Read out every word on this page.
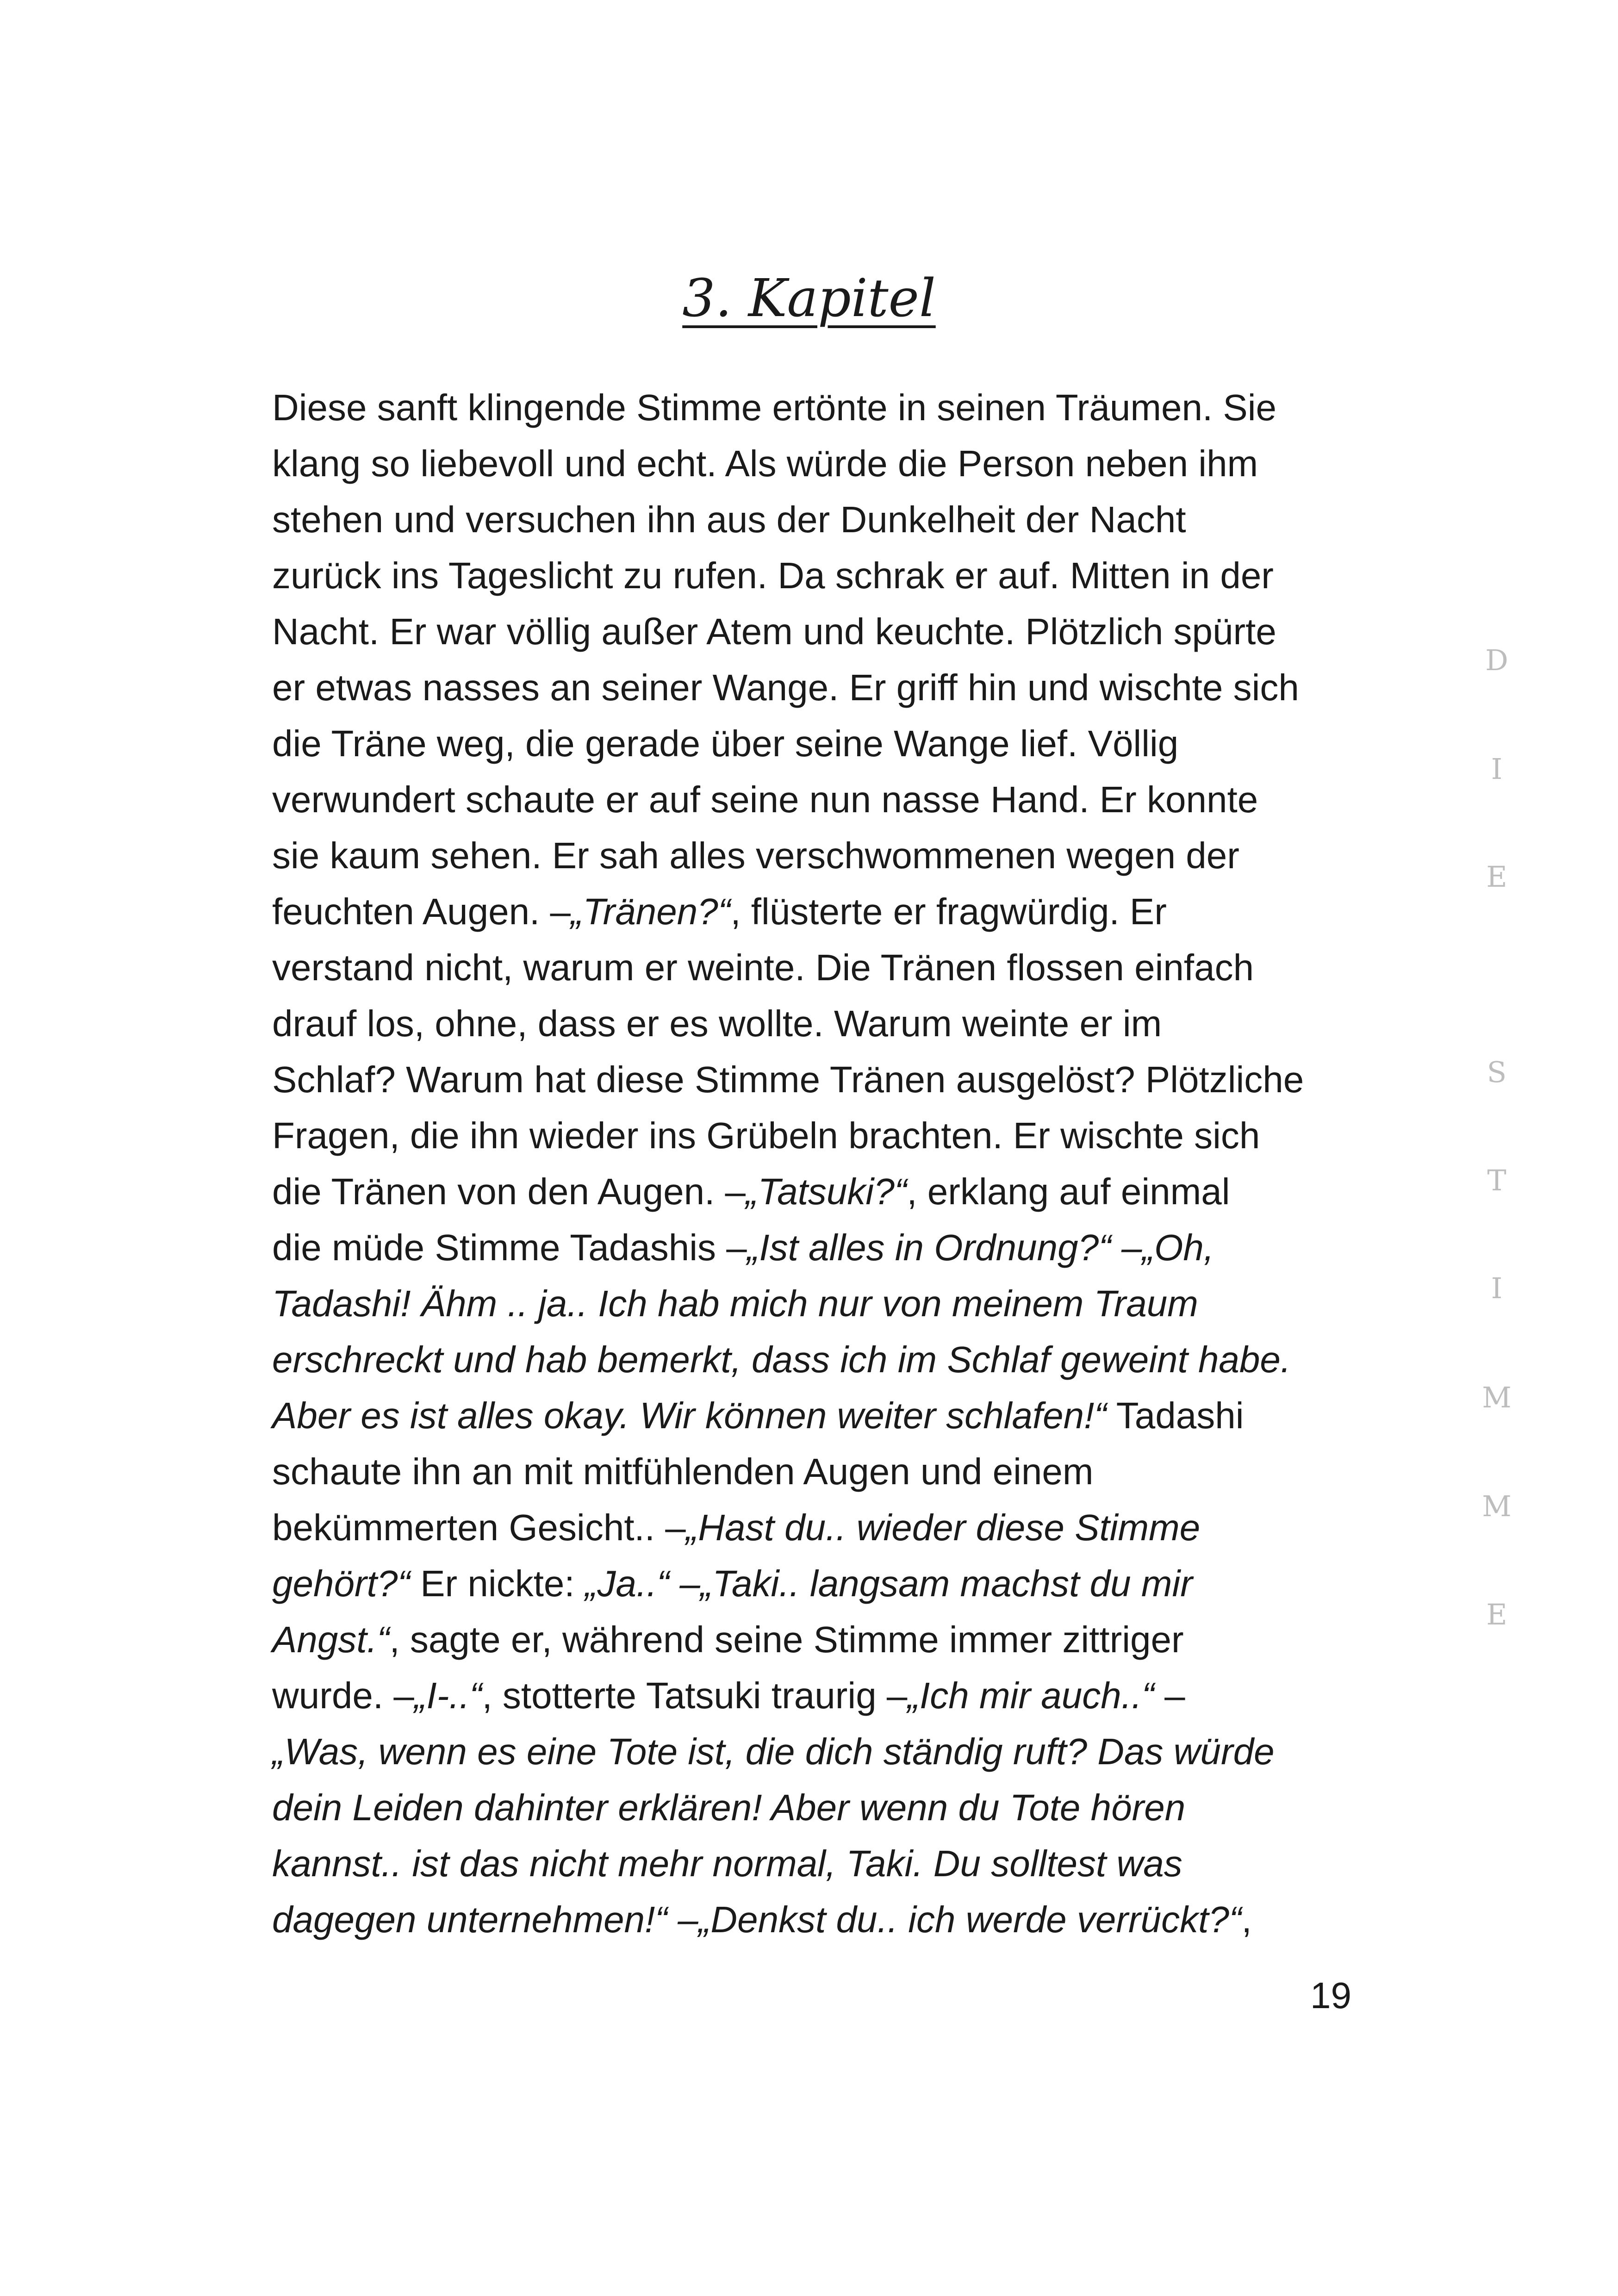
3. Kapitel
Diese sanft klingende Stimme ertönte in seinen Träumen. Sie
klang so liebevoll und echt. Als würde die Person neben ihm
stehen und versuchen ihn aus der Dunkelheit der Nacht
zurück ins Tageslicht zu rufen. Da schrak er auf. Mitten in der
Nacht. Er war völlig außer Atem und keuchte. Plötzlich spürte
er etwas nasses an seiner Wange. Er griff hin und wischte sich
die Träne weg, die gerade über seine Wange lief. Völlig
verwundert schaute er auf seine nun nasse Hand. Er konnte
sie kaum sehen. Er sah alles verschwommenen wegen der
feuchten Augen. –„Tränen?“, flüsterte er fragwürdig. Er
verstand nicht, warum er weinte. Die Tränen flossen einfach
drauf los, ohne, dass er es wollte. Warum weinte er im
Schlaf? Warum hat diese Stimme Tränen ausgelöst? Plötzliche
Fragen, die ihn wieder ins Grübeln brachten. Er wischte sich
die Tränen von den Augen. –„Tatsuki?“, erklang auf einmal
die müde Stimme Tadashis –„Ist alles in Ordnung?“ –„Oh,
Tadashi! Ähm .. ja.. Ich hab mich nur von meinem Traum
erschreckt und hab bemerkt, dass ich im Schlaf geweint habe.
Aber es ist alles okay. Wir können weiter schlafen!“ Tadashi
schaute ihn an mit mitfühlenden Augen und einem
bekümmerten Gesicht.. –„Hast du.. wieder diese Stimme
gehört?“ Er nickte: „Ja..“ –„Taki.. langsam machst du mir
Angst.“, sagte er, während seine Stimme immer zittriger
wurde. –„I-..“, stotterte Tatsuki traurig –„Ich mir auch..“ –
„Was, wenn es eine Tote ist, die dich ständig ruft? Das würde
dein Leiden dahinter erklären! Aber wenn du Tote hören
kannst.. ist das nicht mehr normal, Taki. Du solltest was
dagegen unternehmen!“ –„Denkst du.. ich werde verrückt?“,
D
I
E
S
T
I
M
M
E
19
